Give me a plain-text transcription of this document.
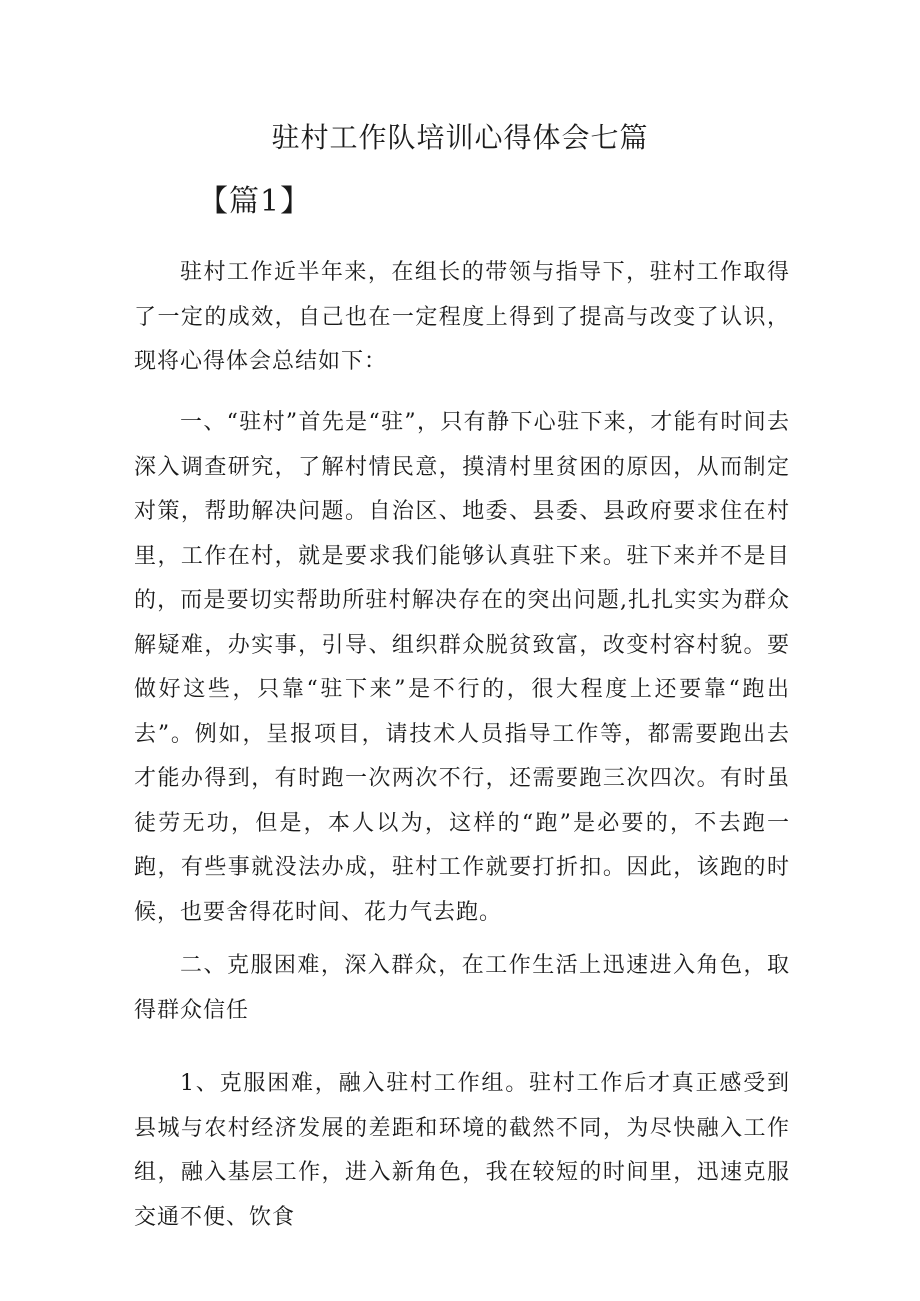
驻村工作队培训心得体会七篇
【篇1】

驻村工作近半年来，在组长的带领与指导下，驻村工作取得了一定的成效，自己也在一定程度上得到了提高与改变了认识，现将心得体会总结如下：

一、“驻村”首先是“驻”，只有静下心驻下来，才能有时间去深入调查研究，了解村情民意，摸清村里贫困的原因，从而制定对策，帮助解决问题。自治区、地委、县委、县政府要求住在村里，工作在村，就是要求我们能够认真驻下来。驻下来并不是目的，而是要切实帮助所驻村解决存在的突出问题,扎扎实实为群众解疑难，办实事，引导、组织群众脱贫致富，改变村容村貌。要做好这些，只靠“驻下来”是不行的，很大程度上还要靠“跑出去”。例如，呈报项目，请技术人员指导工作等，都需要跑出去才能办得到，有时跑一次两次不行，还需要跑三次四次。有时虽徒劳无功，但是，本人以为，这样的“跑”是必要的，不去跑一跑，有些事就没法办成，驻村工作就要打折扣。因此，该跑的时候，也要舍得花时间、花力气去跑。

二、克服困难，深入群众，在工作生活上迅速进入角色，取得群众信任

1、克服困难，融入驻村工作组。驻村工作后才真正感受到县城与农村经济发展的差距和环境的截然不同，为尽快融入工作组，融入基层工作，进入新角色，我在较短的时间里，迅速克服交通不便、饮食
